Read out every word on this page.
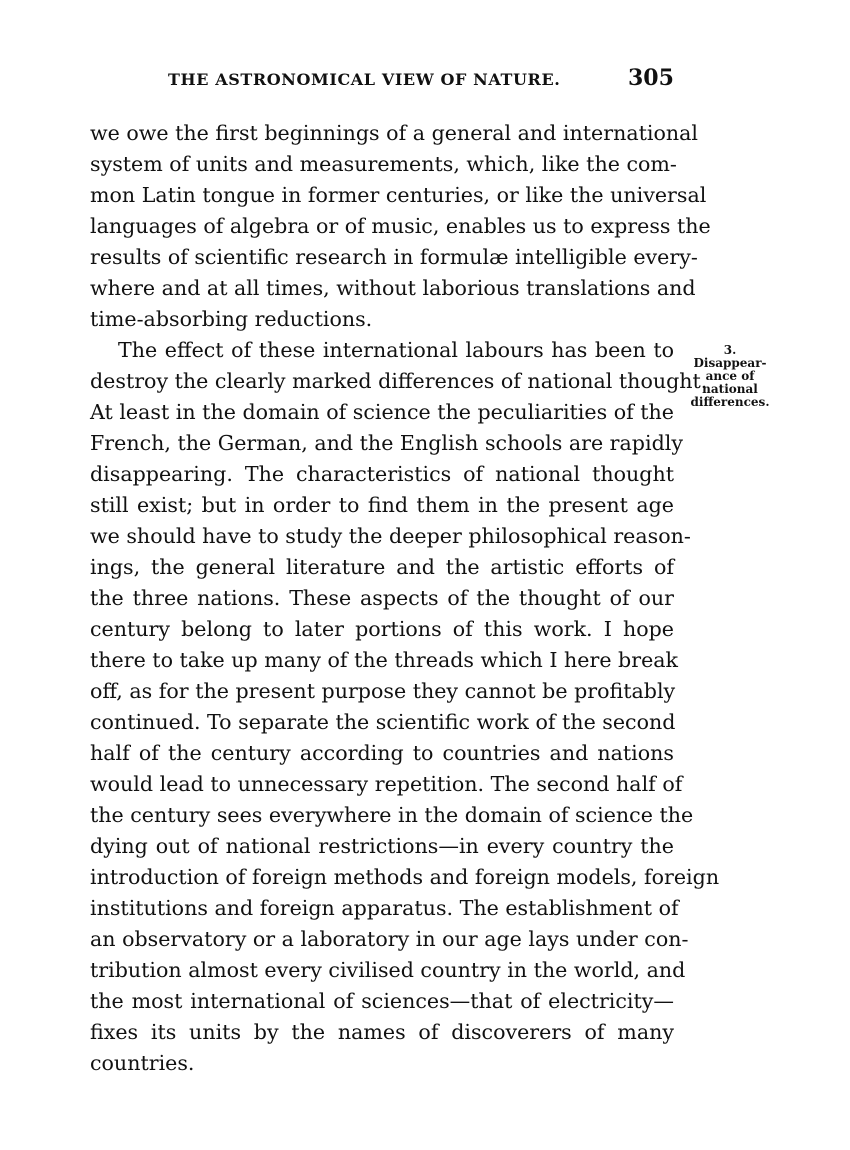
THE ASTRONOMICAL VIEW OF NATURE.	305
we owe the first beginnings of a general and international
system of units and measurements, which, like the com-
mon Latin tongue in former centuries, or like the universal
languages of algebra or of music, enables us to express the
results of scientific research in formulæ intelligible every-
where and at all times, without laborious translations and
time-absorbing reductions.
The effect of these international labours has been to
destroy the clearly marked differences of national thought.
At least in the domain of science the peculiarities of the
French, the German, and the English schools are rapidly
disappearing. The characteristics of national thought
still exist; but in order to find them in the present age
we should have to study the deeper philosophical reason-
ings, the general literature and the artistic efforts of
the three nations. These aspects of the thought of our
century belong to later portions of this work. I hope
there to take up many of the threads which I here break
off, as for the present purpose they cannot be profitably
continued. To separate the scientific work of the second
half of the century according to countries and nations
would lead to unnecessary repetition. The second half of
the century sees everywhere in the domain of science the
dying out of national restrictions—in every country the
introduction of foreign methods and foreign models, foreign
institutions and foreign apparatus. The establishment of
an observatory or a laboratory in our age lays under con-
tribution almost every civilised country in the world, and
the most international of sciences—that of electricity—
fixes its units by the names of discoverers of many
countries.
3.
Disappear-
ance of
national
differences.
